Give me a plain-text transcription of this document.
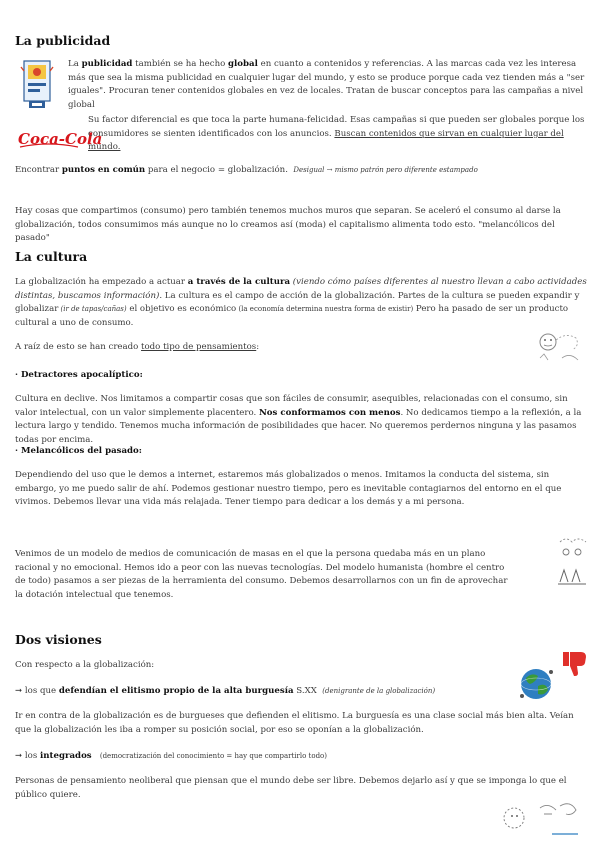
La publicidad
La publicidad también se ha hecho global en cuanto a contenidos y referencias. A las marcas cada vez les interesa más que sea la misma publicidad en cualquier lugar del mundo, y esto se produce porque cada vez tienden más a "ser iguales". Procuran tener contenidos globales en vez de locales. Tratan de buscar conceptos para las campañas a nivel global
Coca-Cola
Su factor diferencial es que toca la parte humana-felicidad. Esas campañas si que pueden ser globales porque los consumidores se sienten identificados con los anuncios. Buscan contenidos que sirvan en cualquier lugar del mundo.
Encontrar puntos en común para el negocio = globalización. Desigual → mismo patrón pero diferente estampado
Hay cosas que compartimos (consumo) pero también tenemos muchos muros que separan. Se aceleró el consumo al darse la globalización, todos consumimos más aunque no lo creamos así (moda) el capitalismo alimenta todo esto. "melancólicos del pasado"
La cultura
La globalización ha empezado a actuar a través de la cultura (viendo cómo países diferentes al nuestro llevan a cabo actividades distintas, buscamos información). La cultura es el campo de acción de la globalización. Partes de la cultura se pueden expandir y globalizar (ir de tapas/cañas) el objetivo es económico (la economía determina nuestra forma de existir) Pero ha pasado de ser un producto cultural a uno de consumo.
A raíz de esto se han creado todo tipo de pensamientos:
· Detractores apocalíptico:
Cultura en declive. Nos limitamos a compartir cosas que son fáciles de consumir, asequibles, relacionadas con el consumo, sin valor intelectual, con un valor simplemente placentero. Nos conformamos con menos. No dedicamos tiempo a la reflexión, a la lectura largo y tendido. Tenemos mucha información de posibilidades que hacer. No queremos perdernos ninguna y las pasamos todas por encima.
· Melancólicos del pasado:
Dependiendo del uso que le demos a internet, estaremos más globalizados o menos. Imitamos la conducta del sistema, sin embargo, yo me puedo salir de ahí. Podemos gestionar nuestro tiempo, pero es inevitable contagiarnos del entorno en el que vivimos. Debemos llevar una vida más relajada. Tener tiempo para dedicar a los demás y a mi persona.
Venimos de un modelo de medios de comunicación de masas en el que la persona quedaba más en un plano racional y no emocional. Hemos ido a peor con las nuevas tecnologías. Del modelo humanista (hombre el centro de todo) pasamos a ser piezas de la herramienta del consumo. Debemos desarrollarnos con un fin de aprovechar la dotación intelectual que tenemos.
Dos visiones
Con respecto a la globalización:
➞ los que defendían el elitismo propio de la alta burguesía S.XX  (denigrante de la globalización)
Ir en contra de la globalización es de burgueses que defienden el elitismo. La burguesía es una clase social más bien alta. Veían que la globalización les iba a romper su posición social, por eso se oponían a la globalización.
➞ los integrados (democratización del conocimiento = hay que compartirlo todo)
Personas de pensamiento neoliberal que piensan que el mundo debe ser libre. Debemos dejarlo así y que se imponga lo que el público quiere.
